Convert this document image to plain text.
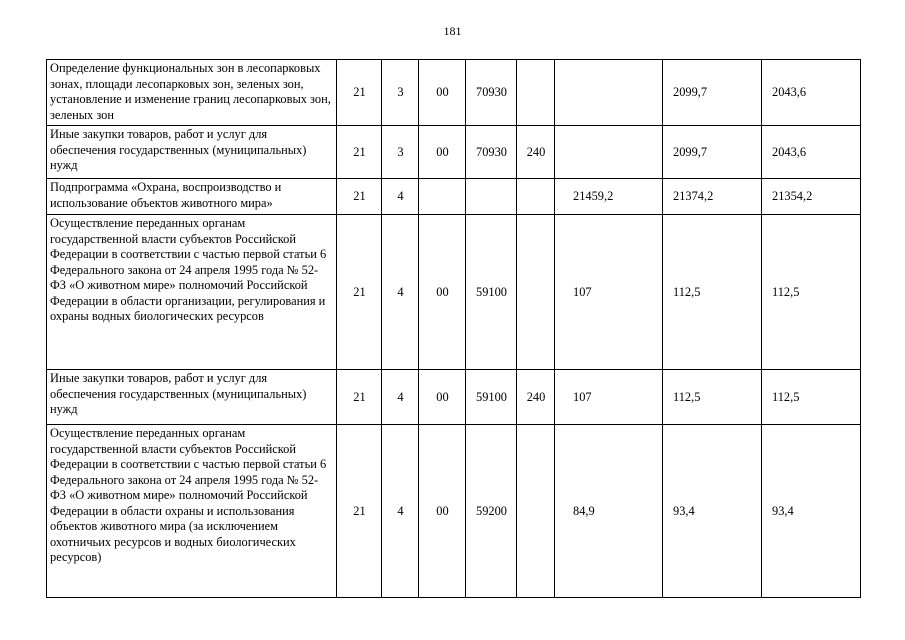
181
Определение функциональных зон в лесопарковых зонах, площади лесопарковых зон, зеленых зон, установление и изменение границ лесопарковых зон, зеленых зон	21	3	00	70930			2099,7	2043,6
Иные закупки товаров, работ и услуг для обеспечения государственных (муниципальных) нужд	21	3	00	70930	240		2099,7	2043,6
Подпрограмма «Охрана, воспроизводство и использование объектов животного мира»	21	4				21459,2	21374,2	21354,2
Осуществление переданных органам государственной власти субъектов Российской Федерации в соответствии с частью первой статьи 6 Федерального закона от 24 апреля 1995 года № 52-ФЗ «О животном мире» полномочий Российской Федерации в области организации, регулирования и охраны водных биологических ресурсов	21	4	00	59100		107	112,5	112,5
Иные закупки товаров, работ и услуг для обеспечения государственных (муниципальных) нужд	21	4	00	59100	240	107	112,5	112,5
Осуществление переданных органам государственной власти субъектов Российской Федерации в соответствии с частью первой статьи 6 Федерального закона от 24 апреля 1995 года № 52-ФЗ «О животном мире» полномочий Российской Федерации в области охраны и использования объектов животного мира (за исключением охотничьих ресурсов и водных биологических ресурсов)	21	4	00	59200		84,9	93,4	93,4
